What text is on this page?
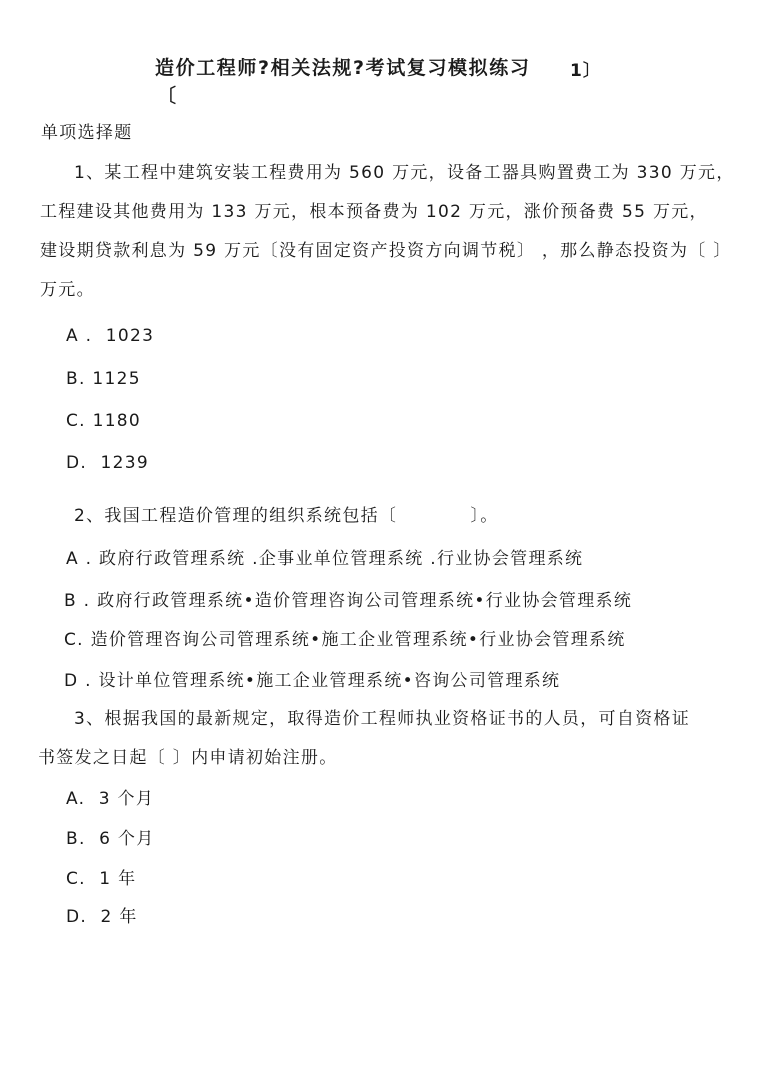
造价工程师?相关法规?考试复习模拟练习 1〕
〔
单项选择题
1、某工程中建筑安装工程费用为 560 万元，设备工器具购置费工为 330 万元，
工程建设其他费用为 133 万元，根本预备费为 102 万元，涨价预备费 55 万元，
建设期贷款利息为 59 万元〔没有固定资产投资方向调节税〕 ，那么静态投资为〔 〕
万元。
A .  1023
B. 1125
C. 1180
D.  1239
2、我国工程造价管理的组织系统包括〔　　　　〕。
A . 政府行政管理系统 .企事业单位管理系统 .行业协会管理系统
B . 政府行政管理系统•造价管理咨询公司管理系统•行业协会管理系统
C. 造价管理咨询公司管理系统•施工企业管理系统•行业协会管理系统
D . 设计单位管理系统•施工企业管理系统•咨询公司管理系统
3、根据我国的最新规定，取得造价工程师执业资格证书的人员，可自资格证
书签发之日起〔 〕内申请初始注册。
A.  3 个月
B.  6 个月
C.  1 年
D.  2 年
